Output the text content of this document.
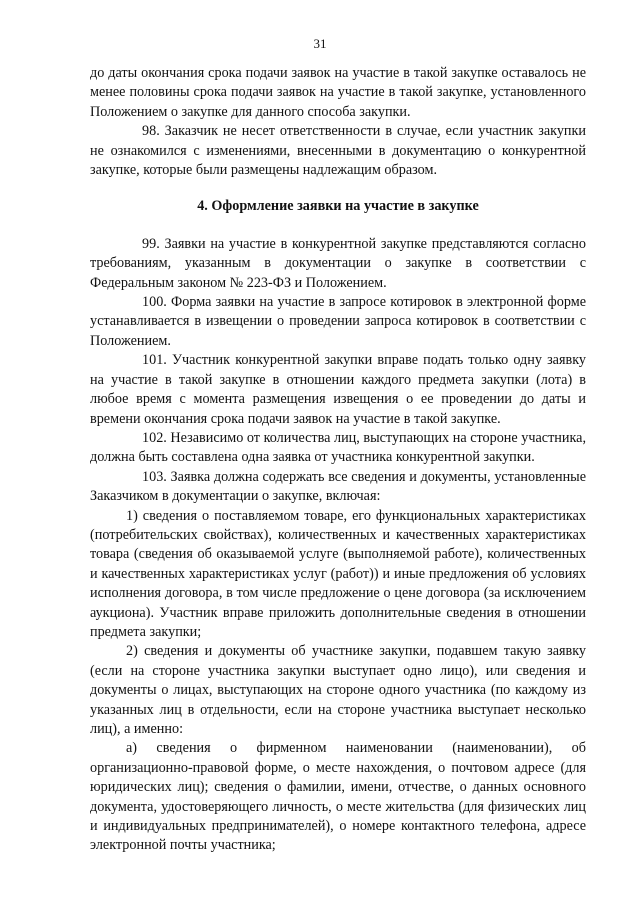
31

до даты окончания срока подачи заявок на участие в такой закупке оставалось не менее половины срока подачи заявок на участие в такой закупке, установленного Положением о закупке для данного способа закупки.

98. Заказчик не несет ответственности в случае, если участник закупки не ознакомился с изменениями, внесенными в документацию о конкурентной закупке, которые были размещены надлежащим образом.

4. Оформление заявки на участие в закупке

99. Заявки на участие в конкурентной закупке представляются согласно требованиям, указанным в документации о закупке в соответствии с Федеральным законом № 223-ФЗ и Положением.

100. Форма заявки на участие в запросе котировок в электронной форме устанавливается в извещении о проведении запроса котировок в соответствии с Положением.

101. Участник конкурентной закупки вправе подать только одну заявку на участие в такой закупке в отношении каждого предмета закупки (лота) в любое время с момента размещения извещения о ее проведении до даты и времени окончания срока подачи заявок на участие в такой закупке.

102. Независимо от количества лиц, выступающих на стороне участника, должна быть составлена одна заявка от участника конкурентной закупки.

103. Заявка должна содержать все сведения и документы, установленные Заказчиком в документации о закупке, включая:

1) сведения о поставляемом товаре, его функциональных характеристиках (потребительских свойствах), количественных и качественных характеристиках товара (сведения об оказываемой услуге (выполняемой работе), количественных и качественных характеристиках услуг (работ)) и иные предложения об условиях исполнения договора, в том числе предложение о цене договора (за исключением аукциона). Участник вправе приложить дополнительные сведения в отношении предмета закупки;

2) сведения и документы об участнике закупки, подавшем такую заявку (если на стороне участника закупки выступает одно лицо), или сведения и документы о лицах, выступающих на стороне одного участника (по каждому из указанных лиц в отдельности, если на стороне участника выступает несколько лиц), а именно:

а) сведения о фирменном наименовании (наименовании), об организационно-правовой форме, о месте нахождения, о почтовом адресе (для юридических лиц); сведения о фамилии, имени, отчестве, о данных основного документа, удостоверяющего личность, о месте жительства (для физических лиц и индивидуальных предпринимателей), о номере контактного телефона, адресе электронной почты участника;
